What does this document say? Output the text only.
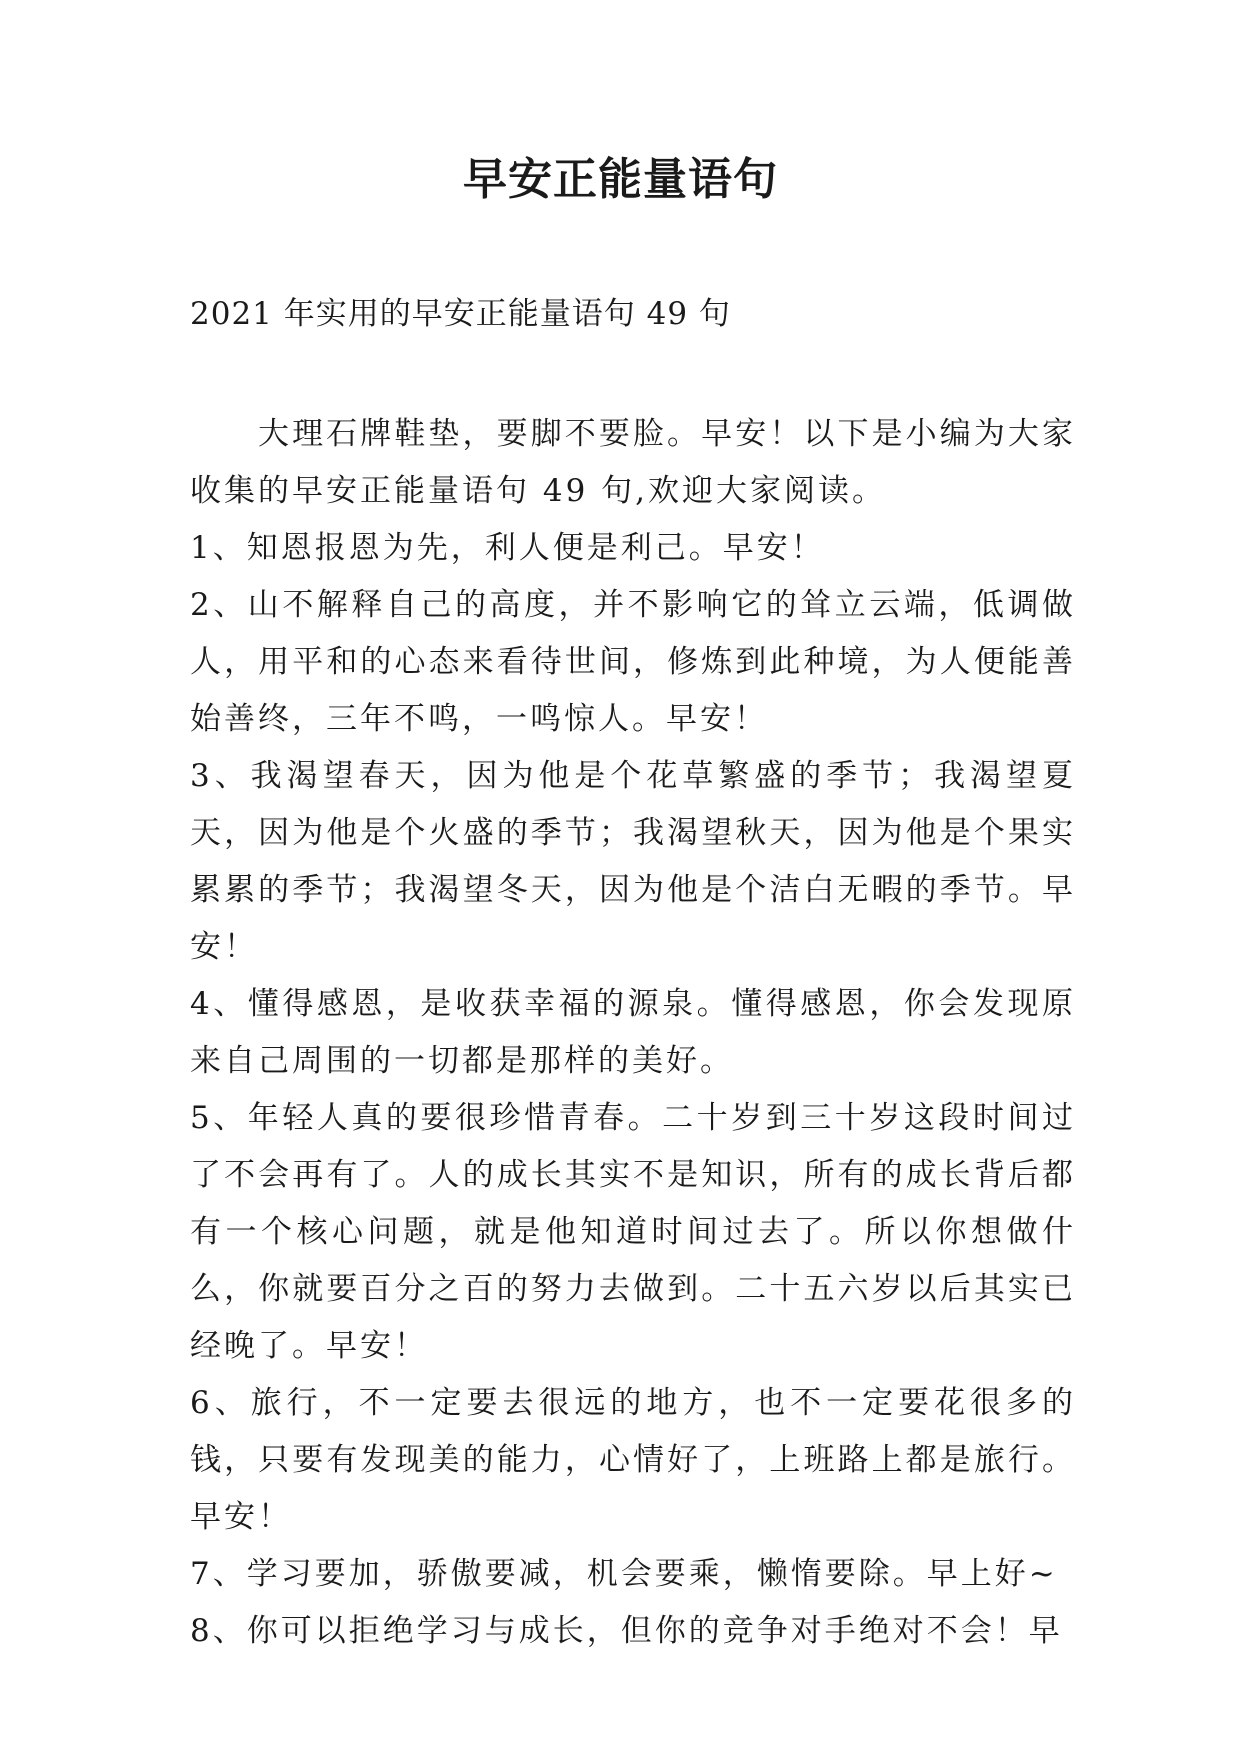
早安正能量语句

2021 年实用的早安正能量语句 49 句

大理石牌鞋垫，要脚不要脸。早安！以下是小编为大家收集的早安正能量语句 49 句,欢迎大家阅读。

1、知恩报恩为先，利人便是利己。早安！

2、山不解释自己的高度，并不影响它的耸立云端，低调做人，用平和的心态来看待世间，修炼到此种境，为人便能善始善终，三年不鸣，一鸣惊人。早安！

3、我渴望春天，因为他是个花草繁盛的季节；我渴望夏天，因为他是个火盛的季节；我渴望秋天，因为他是个果实累累的季节；我渴望冬天，因为他是个洁白无暇的季节。早安！

4、懂得感恩，是收获幸福的源泉。懂得感恩，你会发现原来自己周围的一切都是那样的美好。

5、年轻人真的要很珍惜青春。二十岁到三十岁这段时间过了不会再有了。人的成长其实不是知识，所有的成长背后都有一个核心问题，就是他知道时间过去了。所以你想做什么，你就要百分之百的努力去做到。二十五六岁以后其实已经晚了。早安！

6、旅行，不一定要去很远的地方，也不一定要花很多的钱，只要有发现美的能力，心情好了，上班路上都是旅行。早安！

7、学习要加，骄傲要减，机会要乘，懒惰要除。早上好~

8、你可以拒绝学习与成长，但你的竞争对手绝对不会！早
